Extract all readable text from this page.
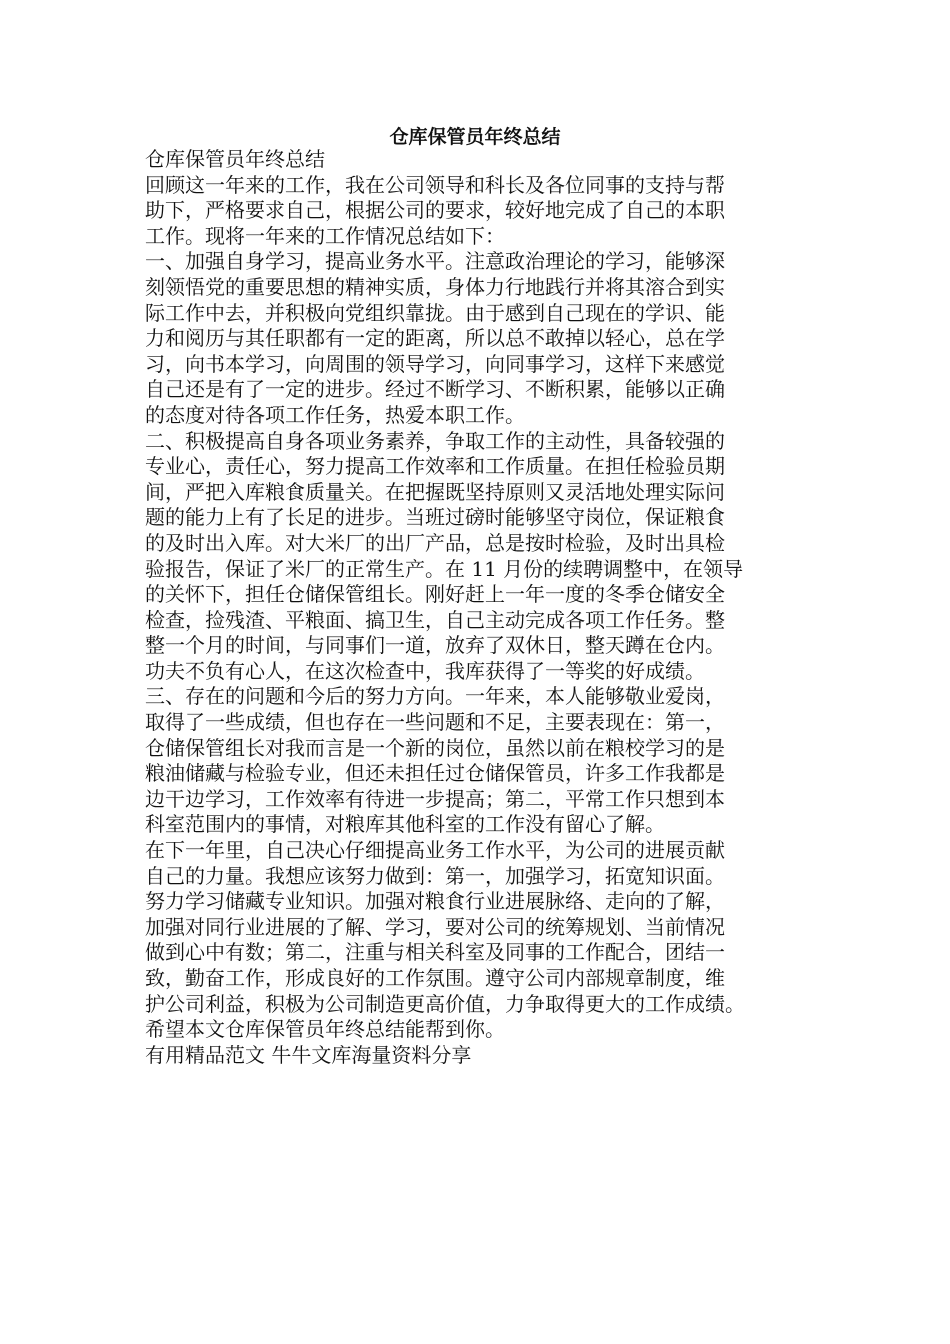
仓库保管员年终总结

仓库保管员年终总结

回顾这一年来的工作，我在公司领导和科长及各位同事的支持与帮

助下，严格要求自己，根据公司的要求，较好地完成了自己的本职

工作。现将一年来的工作情况总结如下：

一、加强自身学习，提高业务水平。注意政治理论的学习，能够深

刻领悟党的重要思想的精神实质，身体力行地践行并将其溶合到实

际工作中去，并积极向党组织靠拢。由于感到自己现在的学识、能

力和阅历与其任职都有一定的距离，所以总不敢掉以轻心，总在学

习，向书本学习，向周围的领导学习，向同事学习，这样下来感觉

自己还是有了一定的进步。经过不断学习、不断积累，能够以正确

的态度对待各项工作任务，热爱本职工作。

二、积极提高自身各项业务素养，争取工作的主动性，具备较强的

专业心，责任心，努力提高工作效率和工作质量。在担任检验员期

间，严把入库粮食质量关。在把握既坚持原则又灵活地处理实际问

题的能力上有了长足的进步。当班过磅时能够坚守岗位，保证粮食

的及时出入库。对大米厂的出厂产品，总是按时检验，及时出具检

验报告，保证了米厂的正常生产。在 11 月份的续聘调整中，在领导

的关怀下，担任仓储保管组长。刚好赶上一年一度的冬季仓储安全

检查，捡残渣、平粮面、搞卫生，自己主动完成各项工作任务。整

整一个月的时间，与同事们一道，放弃了双休日，整天蹲在仓内。

功夫不负有心人，在这次检查中，我库获得了一等奖的好成绩。

三、存在的问题和今后的努力方向。一年来，本人能够敬业爱岗，

取得了一些成绩，但也存在一些问题和不足，主要表现在：第一，

仓储保管组长对我而言是一个新的岗位，虽然以前在粮校学习的是

粮油储藏与检验专业，但还未担任过仓储保管员，许多工作我都是

边干边学习，工作效率有待进一步提高；第二，平常工作只想到本

科室范围内的事情，对粮库其他科室的工作没有留心了解。

在下一年里，自己决心仔细提高业务工作水平，为公司的进展贡献

自己的力量。我想应该努力做到：第一，加强学习，拓宽知识面。

努力学习储藏专业知识。加强对粮食行业进展脉络、走向的了解，

加强对同行业进展的了解、学习，要对公司的统筹规划、当前情况

做到心中有数；第二，注重与相关科室及同事的工作配合，团结一

致，勤奋工作，形成良好的工作氛围。遵守公司内部规章制度，维

护公司利益，积极为公司制造更高价值，力争取得更大的工作成绩。

希望本文仓库保管员年终总结能帮到你。

有用精品范文 牛牛文库海量资料分享
